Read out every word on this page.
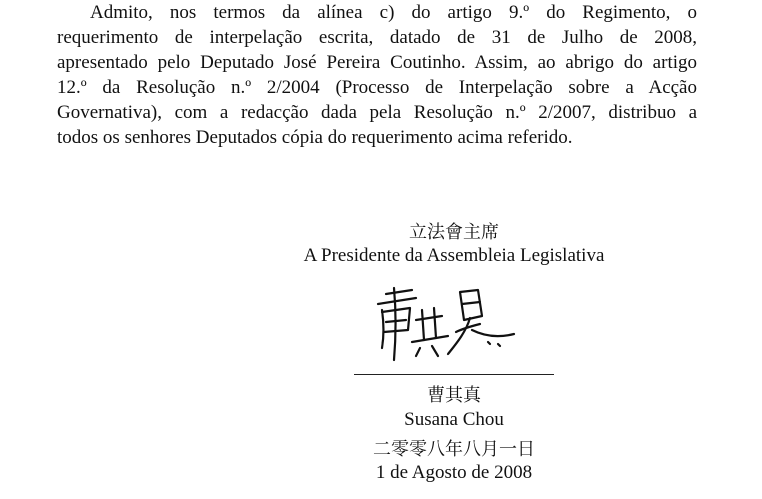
Admito, nos termos da alínea c) do artigo 9.º do Regimento, o
requerimento de interpelação escrita, datado de 31 de Julho de 2008,
apresentado pelo Deputado José Pereira Coutinho. Assim, ao abrigo do artigo
12.º da Resolução n.º 2/2004 (Processo de Interpelação sobre a Acção
Governativa), com a redacção dada pela Resolução n.º 2/2007, distribuo a
todos os senhores Deputados cópia do requerimento acima referido.
立法會主席
A Presidente da Assembleia Legislativa
曹其真
Susana Chou
二零零八年八月一日
1 de Agosto de 2008
